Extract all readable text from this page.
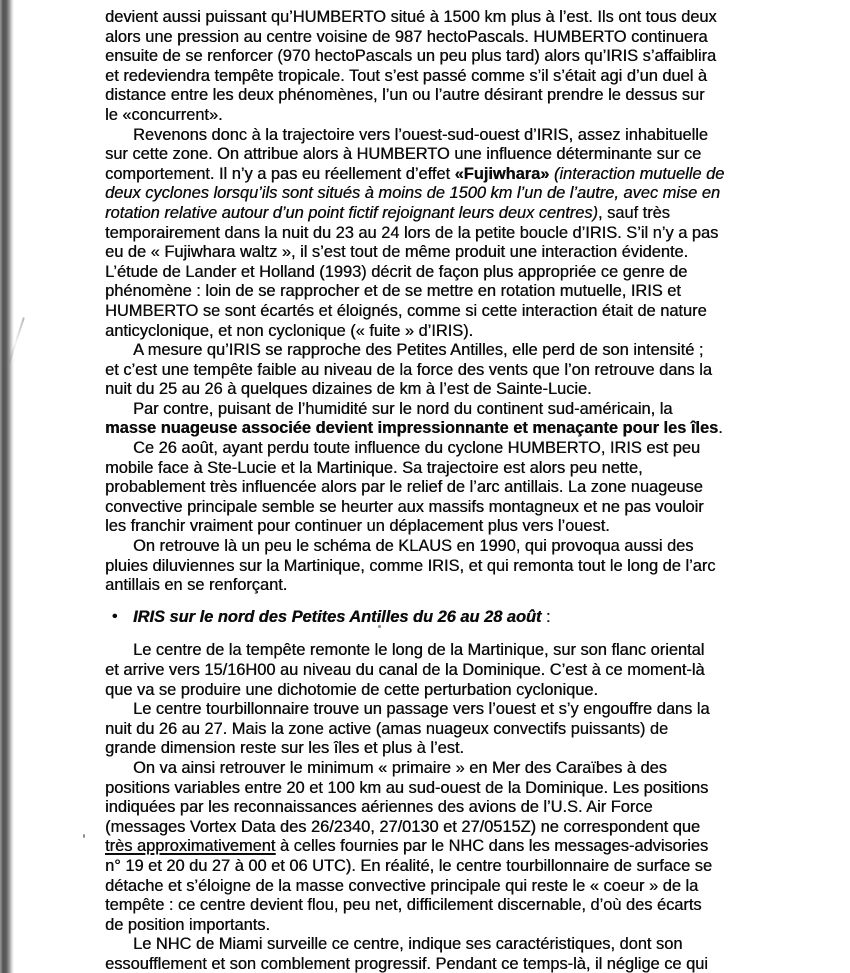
devient aussi puissant qu’HUMBERTO situé à 1500 km plus à l’est. Ils ont tous deux
alors une pression au centre voisine de 987 hectoPascals. HUMBERTO continuera
ensuite de se renforcer (970 hectoPascals un peu plus tard) alors qu’IRIS s’affaiblira
et redeviendra tempête tropicale. Tout s’est passé comme s’il s’était agi d’un duel à
distance entre les deux phénomènes, l’un ou l’autre désirant prendre le dessus sur
le «concurrent».
Revenons donc à la trajectoire vers l’ouest-sud-ouest d’IRIS, assez inhabituelle
sur cette zone. On attribue alors à HUMBERTO une influence déterminante sur ce
comportement. Il n’y a pas eu réellement d’effet «Fujiwhara» (interaction mutuelle de
deux cyclones lorsqu’ils sont situés à moins de 1500 km l’un de l’autre, avec mise en
rotation relative autour d’un point fictif rejoignant leurs deux centres), sauf très
temporairement dans la nuit du 23 au 24 lors de la petite boucle d’IRIS. S’il n’y a pas
eu de « Fujiwhara waltz », il s’est tout de même produit une interaction évidente.
L’étude de Lander et Holland (1993) décrit de façon plus appropriée ce genre de
phénomène : loin de se rapprocher et de se mettre en rotation mutuelle, IRIS et
HUMBERTO se sont écartés et éloignés, comme si cette interaction était de nature
anticyclonique, et non cyclonique (« fuite » d’IRIS).
A mesure qu’IRIS se rapproche des Petites Antilles, elle perd de son intensité ;
et c’est une tempête faible au niveau de la force des vents que l’on retrouve dans la
nuit du 25 au 26 à quelques dizaines de km à l’est de Sainte-Lucie.
Par contre, puisant de l’humidité sur le nord du continent sud-américain, la
masse nuageuse associée devient impressionnante et menaçante pour les îles.
Ce 26 août, ayant perdu toute influence du cyclone HUMBERTO, IRIS est peu
mobile face à Ste-Lucie et la Martinique. Sa trajectoire est alors peu nette,
probablement très influencée alors par le relief de l’arc antillais. La zone nuageuse
convective principale semble se heurter aux massifs montagneux et ne pas vouloir
les franchir vraiment pour continuer un déplacement plus vers l’ouest.
On retrouve là un peu le schéma de KLAUS en 1990, qui provoqua aussi des
pluies diluviennes sur la Martinique, comme IRIS, et qui remonta tout le long de l’arc
antillais en se renforçant.
• IRIS sur le nord des Petites Antilles du 26 au 28 août :
Le centre de la tempête remonte le long de la Martinique, sur son flanc oriental
et arrive vers 15/16H00 au niveau du canal de la Dominique. C’est à ce moment-là
que va se produire une dichotomie de cette perturbation cyclonique.
Le centre tourbillonnaire trouve un passage vers l’ouest et s’y engouffre dans la
nuit du 26 au 27. Mais la zone active (amas nuageux convectifs puissants) de
grande dimension reste sur les îles et plus à l’est.
On va ainsi retrouver le minimum « primaire » en Mer des Caraïbes à des
positions variables entre 20 et 100 km au sud-ouest de la Dominique. Les positions
indiquées par les reconnaissances aériennes des avions de l’U.S. Air Force
(messages Vortex Data des 26/2340, 27/0130 et 27/0515Z) ne correspondent que
très approximativement à celles fournies par le NHC dans les messages-advisories
n° 19 et 20 du 27 à 00 et 06 UTC). En réalité, le centre tourbillonnaire de surface se
détache et s’éloigne de la masse convective principale qui reste le « coeur » de la
tempête : ce centre devient flou, peu net, difficilement discernable, d’où des écarts
de position importants.
Le NHC de Miami surveille ce centre, indique ses caractéristiques, dont son
essoufflement et son comblement progressif. Pendant ce temps-là, il néglige ce qui
